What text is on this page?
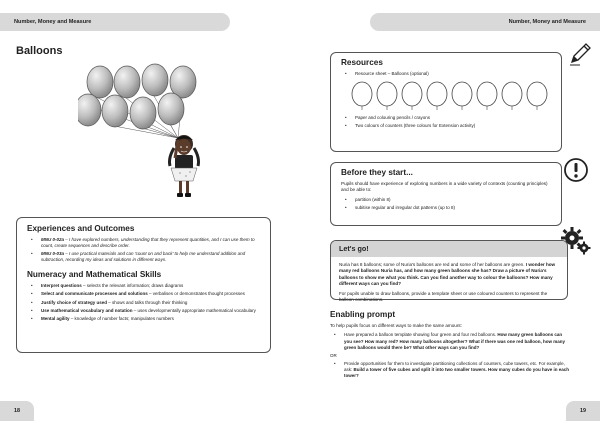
Number, Money and Measure
Balloons
Experiences and Outcomes
• MNU 0-02a – I have explored numbers, understanding that they represent quantities, and I can use them to count, create sequences and describe order.
• MNU 0-03a – I use practical materials and can 'count on and back' to help me understand addition and subtraction, recording my ideas and solutions in different ways.
Numeracy and Mathematical Skills
• Interpret questions – selects the relevant information; draws diagrams
• Select and communicate processes and solutions – verbalises or demonstrates thought processes
• Justify choice of strategy used – shows and talks through their thinking
• Use mathematical vocabulary and notation – uses developmentally appropriate mathematical vocabulary
• Mental agility – knowledge of number facts; manipulates numbers
18
Number, Money and Measure
Resources
• Resource sheet – Balloons (optional)
• Paper and colouring pencils / crayons
• Two colours of counters (three colours for Extension activity)
Before they start...

Pupils should have experience of exploring numbers in a wide variety of contexts (counting principles) and be able to:

• partition (within 8)
• subitise regular and irregular dot patterns (up to 8)
Let's go!

Nuria has 8 balloons; some of Nuria's balloons are red and some of her balloons are green. I wonder how many red balloons Nuria has, and how many green balloons she has? Draw a picture of Nuria's balloons to show me what you think. Can you find another way to colour the balloons? How many different ways can you find?

For pupils unable to draw balloons, provide a template sheet or use coloured counters to represent the balloon combinations.

Enabling prompt

To help pupils focus on different ways to make the same amount:

• Have prepared a balloon template showing four green and four red balloons. How many green balloons can you see? How many red? How many balloons altogether? What if there was one red balloon, how many green balloons would there be? What other ways can you find?
OR
• Provide opportunities for them to investigate partitioning collections of counters, cube towers, etc. For example, ask: Build a tower of five cubes and split it into two smaller towers. How many cubes do you have in each tower?
19
